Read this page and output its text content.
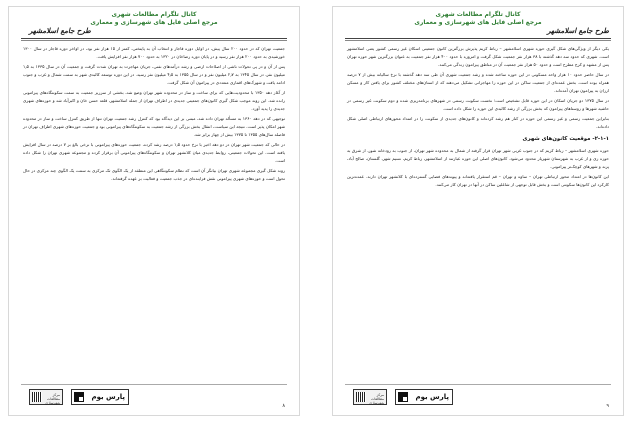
کانال تلگرام مطالعات شهری
مرجع اصلی فایل های شهرسازی و معماری
طرح جامع اسلامشهر

یکی دیگر از ویژگی‌های شکل گیری حوزه شهری اسلامشهر – رباط کریم پذیرش بزرگترین کانون جمعیتی اسکان غیر رسمی کشور یعنی اسلامشهر است. شهری که حدود سه دهه گذشته با ۳۸ هزار نفر جمعیت شکل گرفت و امروزه با حدود ۴۰۰ هزار نفر جمعیت به عنوان بزرگترین شهر حوزه تهران پس از مشهد و کرج مطرح است و حدود ۵۰ هزار نفر جمعیت آن در مناطق پیرامون زندگی می‌کنند.

در سال حاضر حدود ۱۰ هزار واحد مسکونی در این حوزه ساخته شده و رشد جمعیت شهری آن طی سه دهه گذشته با نرخ سالیانه بیش از ۷ درصد همراه بوده است. بخش عمده‌ای از جمعیت ساکن در این حوزه را مهاجرانی تشکیل می‌دهند که از استان‌های مختلف کشور برای یافتن کار و مسکن ارزان به پیرامون تهران آمده‌اند.

در سال ۱۳۷۵ دو جریان اسکان در این حوزه قابل تشخیص است؛ نخست سکونت رسمی در شهرهای برنامه‌ریزی شده و دوم سکونت غیر رسمی در حاشیه شهرها و روستاهای پیرامون که بخش بزرگی از رشد کالبدی این حوزه را شکل داده است.

بنابراین جمعیت رسمی و غیر رسمی این حوزه در کنار هم رشد کرده‌اند و کانون‌های جدیدی از سکونت را در امتداد محورهای ارتباطی اصلی شکل داده‌اند.

۲-۱-۱- موقعیت کانون‌های شهری

حوزه شهری اسلامشهر – رباط کریم که در جنوب غربی شهر تهران قرار گرفته از شمال به محدوده شهر تهران، از جنوب به رودخانه شور، از شرق به حوزه ری و از غرب به شهرستان شهریار محدود می‌شود. کانون‌های اصلی این حوزه عبارتند از اسلامشهر، رباط کریم، نسیم شهر، گلستان، صالح آباد، پرند و شهرهای کوچک‌تر پیرامونی.

این کانون‌ها در امتداد محور ارتباطی تهران – ساوه و تهران – قم استقرار یافته‌اند و پیوندهای فضایی گسترده‌ای با کلانشهر تهران دارند. عمده‌ترین کارکرد این کانون‌ها سکونتی است و بخش قابل توجهی از شاغلین ساکن در آنها در تهران کار می‌کنند.

مرکز مطالعات شهرسازی
پارس بوم
۹
کانال تلگرام مطالعات شهری
مرجع اصلی فایل های شهرسازی و معماری
طرح جامع اسلامشهر

جمعیت تهران که در حدود ۲۰۰ سال پیش، در اوایل دوره قاجار و انتخاب آن به پایتختی، کمتر از ۱۵ هزار نفر بود، در اواخر دوره قاجار در سال ۱۳۰۰ خورشیدی به حدود ۲۰۰ هزار نفر رسید و در پایان دوره رضاخان در ۱۳۲۰ به حدود ۷۰۰ هزار نفر افزایش یافت.

پس از آن و در پی تحولات ناشی از اصلاحات ارضی و رشد درآمدهای نفتی، جریان مهاجرت به تهران شدت گرفت و جمعیت آن در سال ۱۳۳۵ به ۱٫۵ میلیون نفر، در سال ۱۳۴۵ به ۲٫۷ میلیون نفر و در سال ۱۳۵۵ به ۴٫۵ میلیون نفر رسید. در این دوره توسعه کالبدی شهر به سمت شمال و غرب و جنوب ادامه یافت و شهرک‌های اقماری متعددی در پیرامون آن شکل گرفت.

از آغاز دهه ۱۳۵۰ با محدودیت‌هایی که برای ساخت و ساز در محدوده شهر تهران وضع شد، بخشی از سرریز جمعیت به سمت سکونتگاه‌های پیرامونی رانده شد. این روند موجب شکل گیری کانون‌های جمعیتی جدیدی در اطراف تهران از جمله اسلامشهر، قلعه حسن خان و اکبرآباد شد و حوزه‌های شهری جدیدی را پدید آورد.

توجیهی که در دهه ۱۳۶۰ به مسأله تهران داده شد، مبتنی بر این دیدگاه بود که کنترل رشد جمعیت تهران تنها از طریق کنترل ساخت و ساز در محدوده شهر امکان پذیر است. نتیجه این سیاست، انتقال بخش بزرگی از رشد جمعیت به سکونتگاه‌های پیرامونی بود و جمعیت حوزه‌های شهری اطراف تهران در فاصله سال‌های ۱۳۵۵ تا ۱۳۷۵ بیش از چهار برابر شد.

در حالی که جمعیت شهر تهران در دو دهه اخیر با نرخ حدود ۱٫۵ درصد رشد کرده، جمعیت حوزه‌های پیرامونی با نرخی بالغ بر ۷ درصد در سال افزایش یافته است. این تحولات جمعیتی، روابط جدیدی میان کلانشهر تهران و سکونتگاه‌های پیرامونی آن برقرار کرده و مجموعه شهری تهران را شکل داده است.

روند شکل گیری مجموعه شهری تهران بیانگر آن است که نظام سکونتگاهی این منطقه از یک الگوی تک مرکزی به سمت یک الگوی چند مرکزی در حال تحول است و حوزه‌های شهری پیرامونی نقش فزاینده‌ای در جذب جمعیت و فعالیت بر عهده گرفته‌اند.

مرکز مطالعات شهرسازی
پارس بوم
۸
